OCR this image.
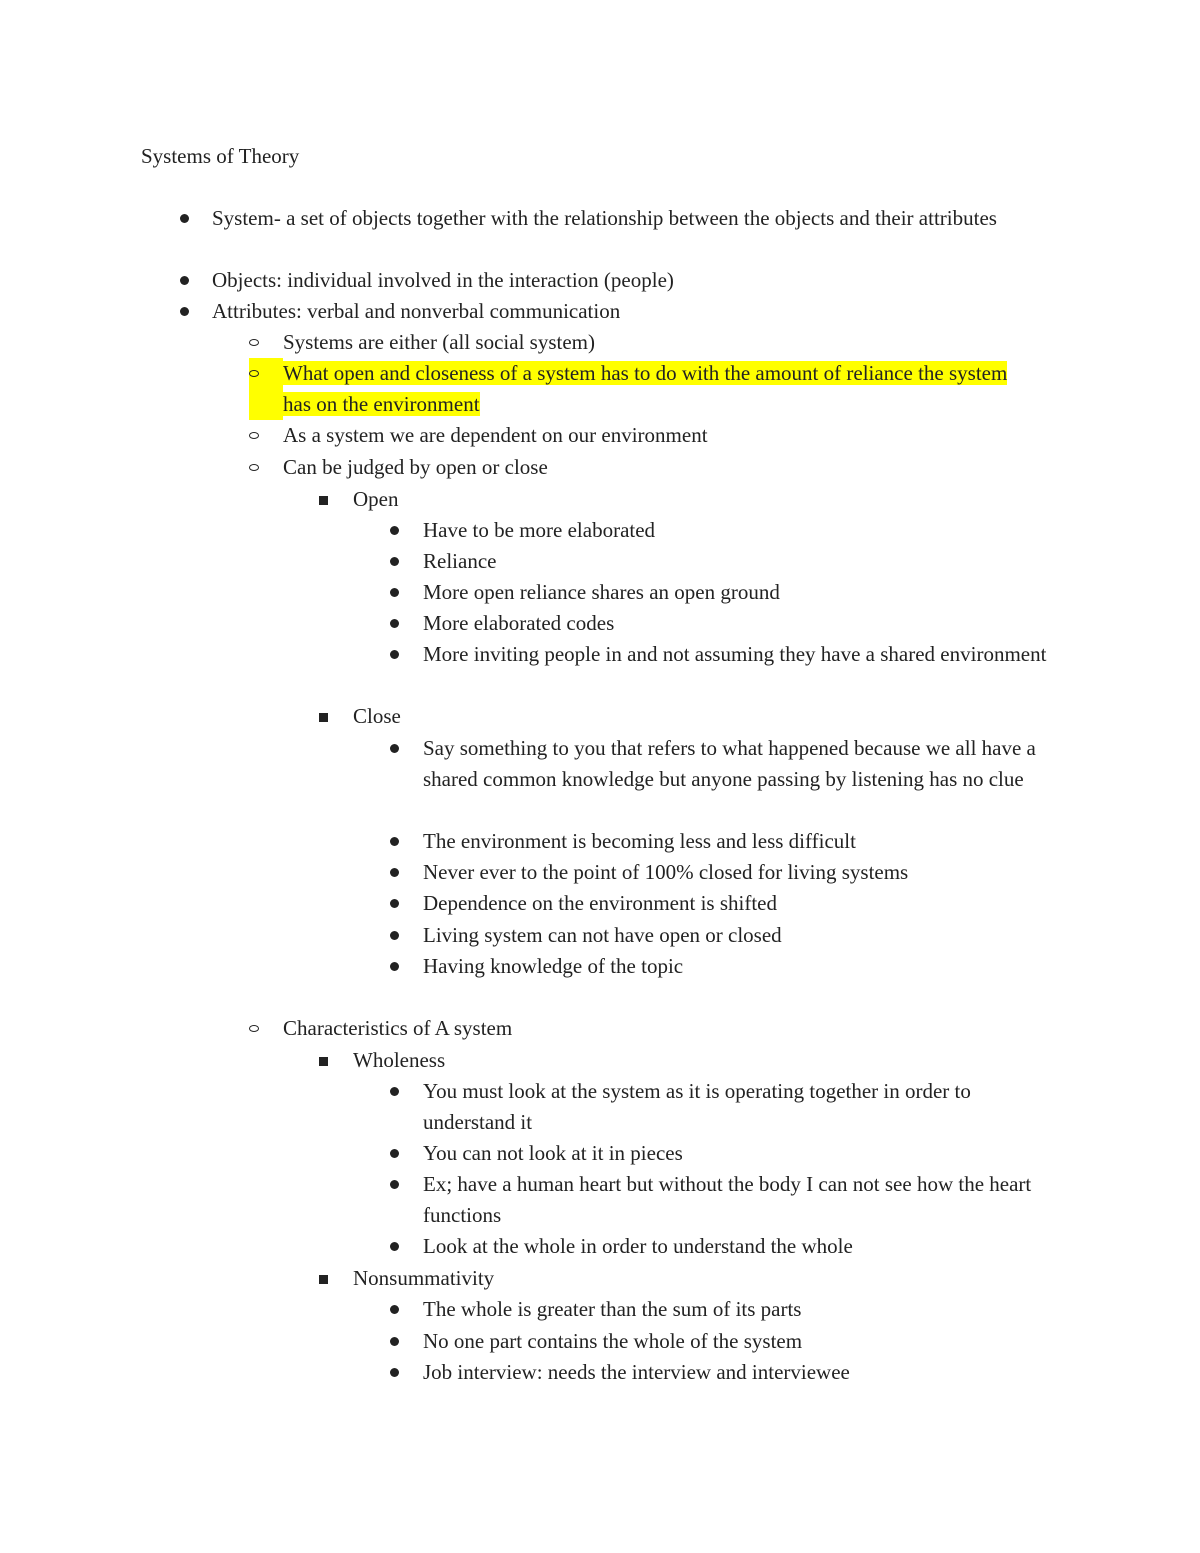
Systems of Theory
System- a set of objects together with the relationship between the objects and their attributes
Objects: individual involved in the interaction (people)
Attributes: verbal and nonverbal communication
Systems are either (all social system)
What open and closeness of a system has to do with the amount of reliance the system has on the environment
As a system we are dependent on our environment
Can be judged by open or close
Open
Have to be more elaborated
Reliance
More open reliance shares an open ground
More elaborated codes
More inviting people in and not assuming they have a shared environment
Close
Say something to you that refers to what happened because we all have a shared common knowledge but anyone passing by listening has no clue
The environment is becoming less and less difficult
Never ever to the point of 100% closed for living systems
Dependence on the environment is shifted
Living system can not have open or closed
Having knowledge of the topic
Characteristics of A system
Wholeness
You must look at the system as it is operating together in order to understand it
You can not look at it in pieces
Ex; have a human heart but without the body I can not see how the heart functions
Look at the whole in order to understand the whole
Nonsummativity
The whole is greater than the sum of its parts
No one part contains the whole of the system
Job interview: needs the interview and interviewee
